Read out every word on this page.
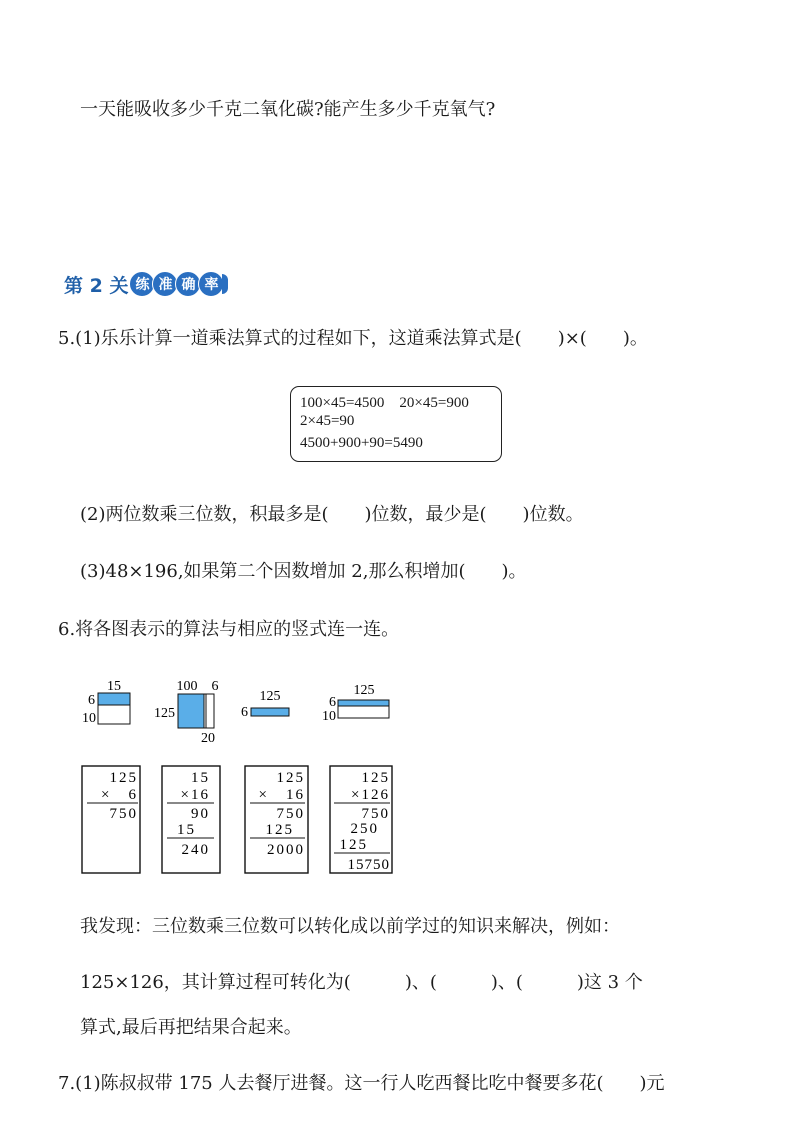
一天能吸收多少千克二氧化碳?能产生多少千克氧气?
第 2 关 练 准 确 率
5.(1)乐乐计算一道乘法算式的过程如下，这道乘法算式是(　　)×(　　)。
100×45=4500　20×45=900
2×45=90
4500+900+90=5490
(2)两位数乘三位数，积最多是(　　)位数，最少是(　　)位数。
(3)48×196,如果第二个因数增加 2,那么积增加(　　)。
6.将各图表示的算法与相应的竖式连一连。
15
6
10
100 6
125
20
125
6
125
6
10
125
×　6
750
15
×16
90
15
240
125
×　16
750
125
2000
125
×126
750
250
125
15750
我发现：三位数乘三位数可以转化成以前学过的知识来解决，例如：
125×126，其计算过程可转化为(　　　)、(　　　)、(　　　)这 3 个
算式,最后再把结果合起来。
7.(1)陈叔叔带 175 人去餐厅进餐。这一行人吃西餐比吃中餐要多花(　　)元
